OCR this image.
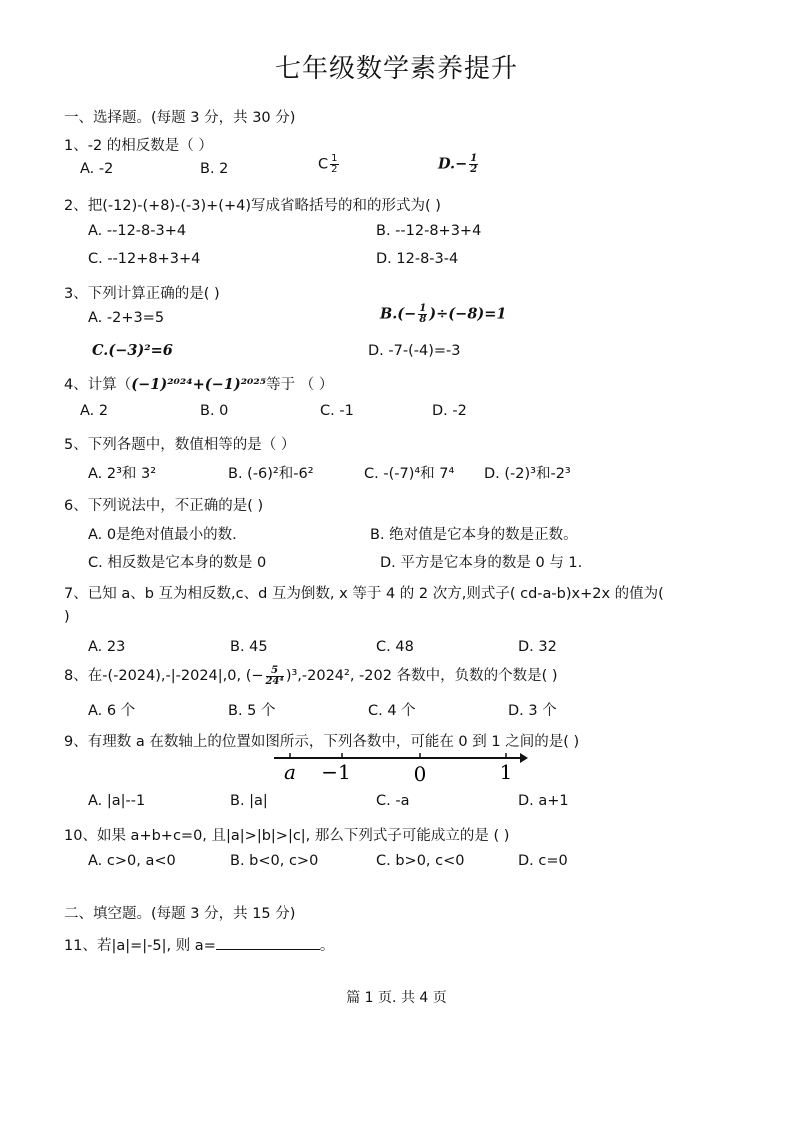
七年级数学素养提升
一、选择题。(每题 3 分，共 30 分)
1、-2 的相反数是（ ）
A. -2	B. 2	C $\frac{1}{2}$	$D.- \frac{1}{2}$
2、把(-12)-(+8)-(-3)+(+4)写成省略括号的和的形式为( )
A. --12-8-3+4	B. --12-8+3+4
C. --12+8+3+4	D. 12-8-3-4
3、下列计算正确的是( )
A. -2+3=5	$B.(- \frac{1}{8} )\div(-8)=1$
C.(−3)²=6	D. -7-(-4)=-3
4、计算（(−1)²⁰²⁴+(−1)²⁰²⁵等于 （ ）
A. 2	B. 0	C. -1	D. -2
5、下列各题中，数值相等的是（ ）
A. 2³和 3²	B. (-6)²和-6²	C. -(-7)⁴和 7⁴ D. (-2)³和-2³
6、下列说法中，不正确的是( )
A. 0是绝对值最小的数.	B. 绝对值是它本身的数是正数。
C. 相反数是它本身的数是 0	D. 平方是它本身的数是 0 与 1.
7、已知 a、b 互为相反数,c、d 互为倒数, x 等于 4 的 2 次方,则式子( cd-a-b)x+2x 的值为(
)
A. 23	B. 45	C. 48	D. 32
8、在-(-2024),-|-2024|,0, (− $\frac{5}{\text{24⁴}} )^3,-2024^2$, -202 各数中，负数的个数是( )
A. 6 个	B. 5 个	C. 4 个	D. 3 个
9、有理数 a 在数轴上的位置如图所示，下列各数中，可能在 0 到 1 之间的是( )
a −1	0	1
A. |a|--1	B. |a|	C. -a	D. a+1
10、如果 a+b+c=0, 且|a|>|b|>|c|, 那么下列式子可能成立的是 ( )
A. c>0, a<0	B. b<0, c>0	C. b>0, c<0	D. c=0
二、填空题。(每题 3 分，共 15 分)
11、若|a|=|-5|, 则 a=	。
篇 1 页. 共 4 页
